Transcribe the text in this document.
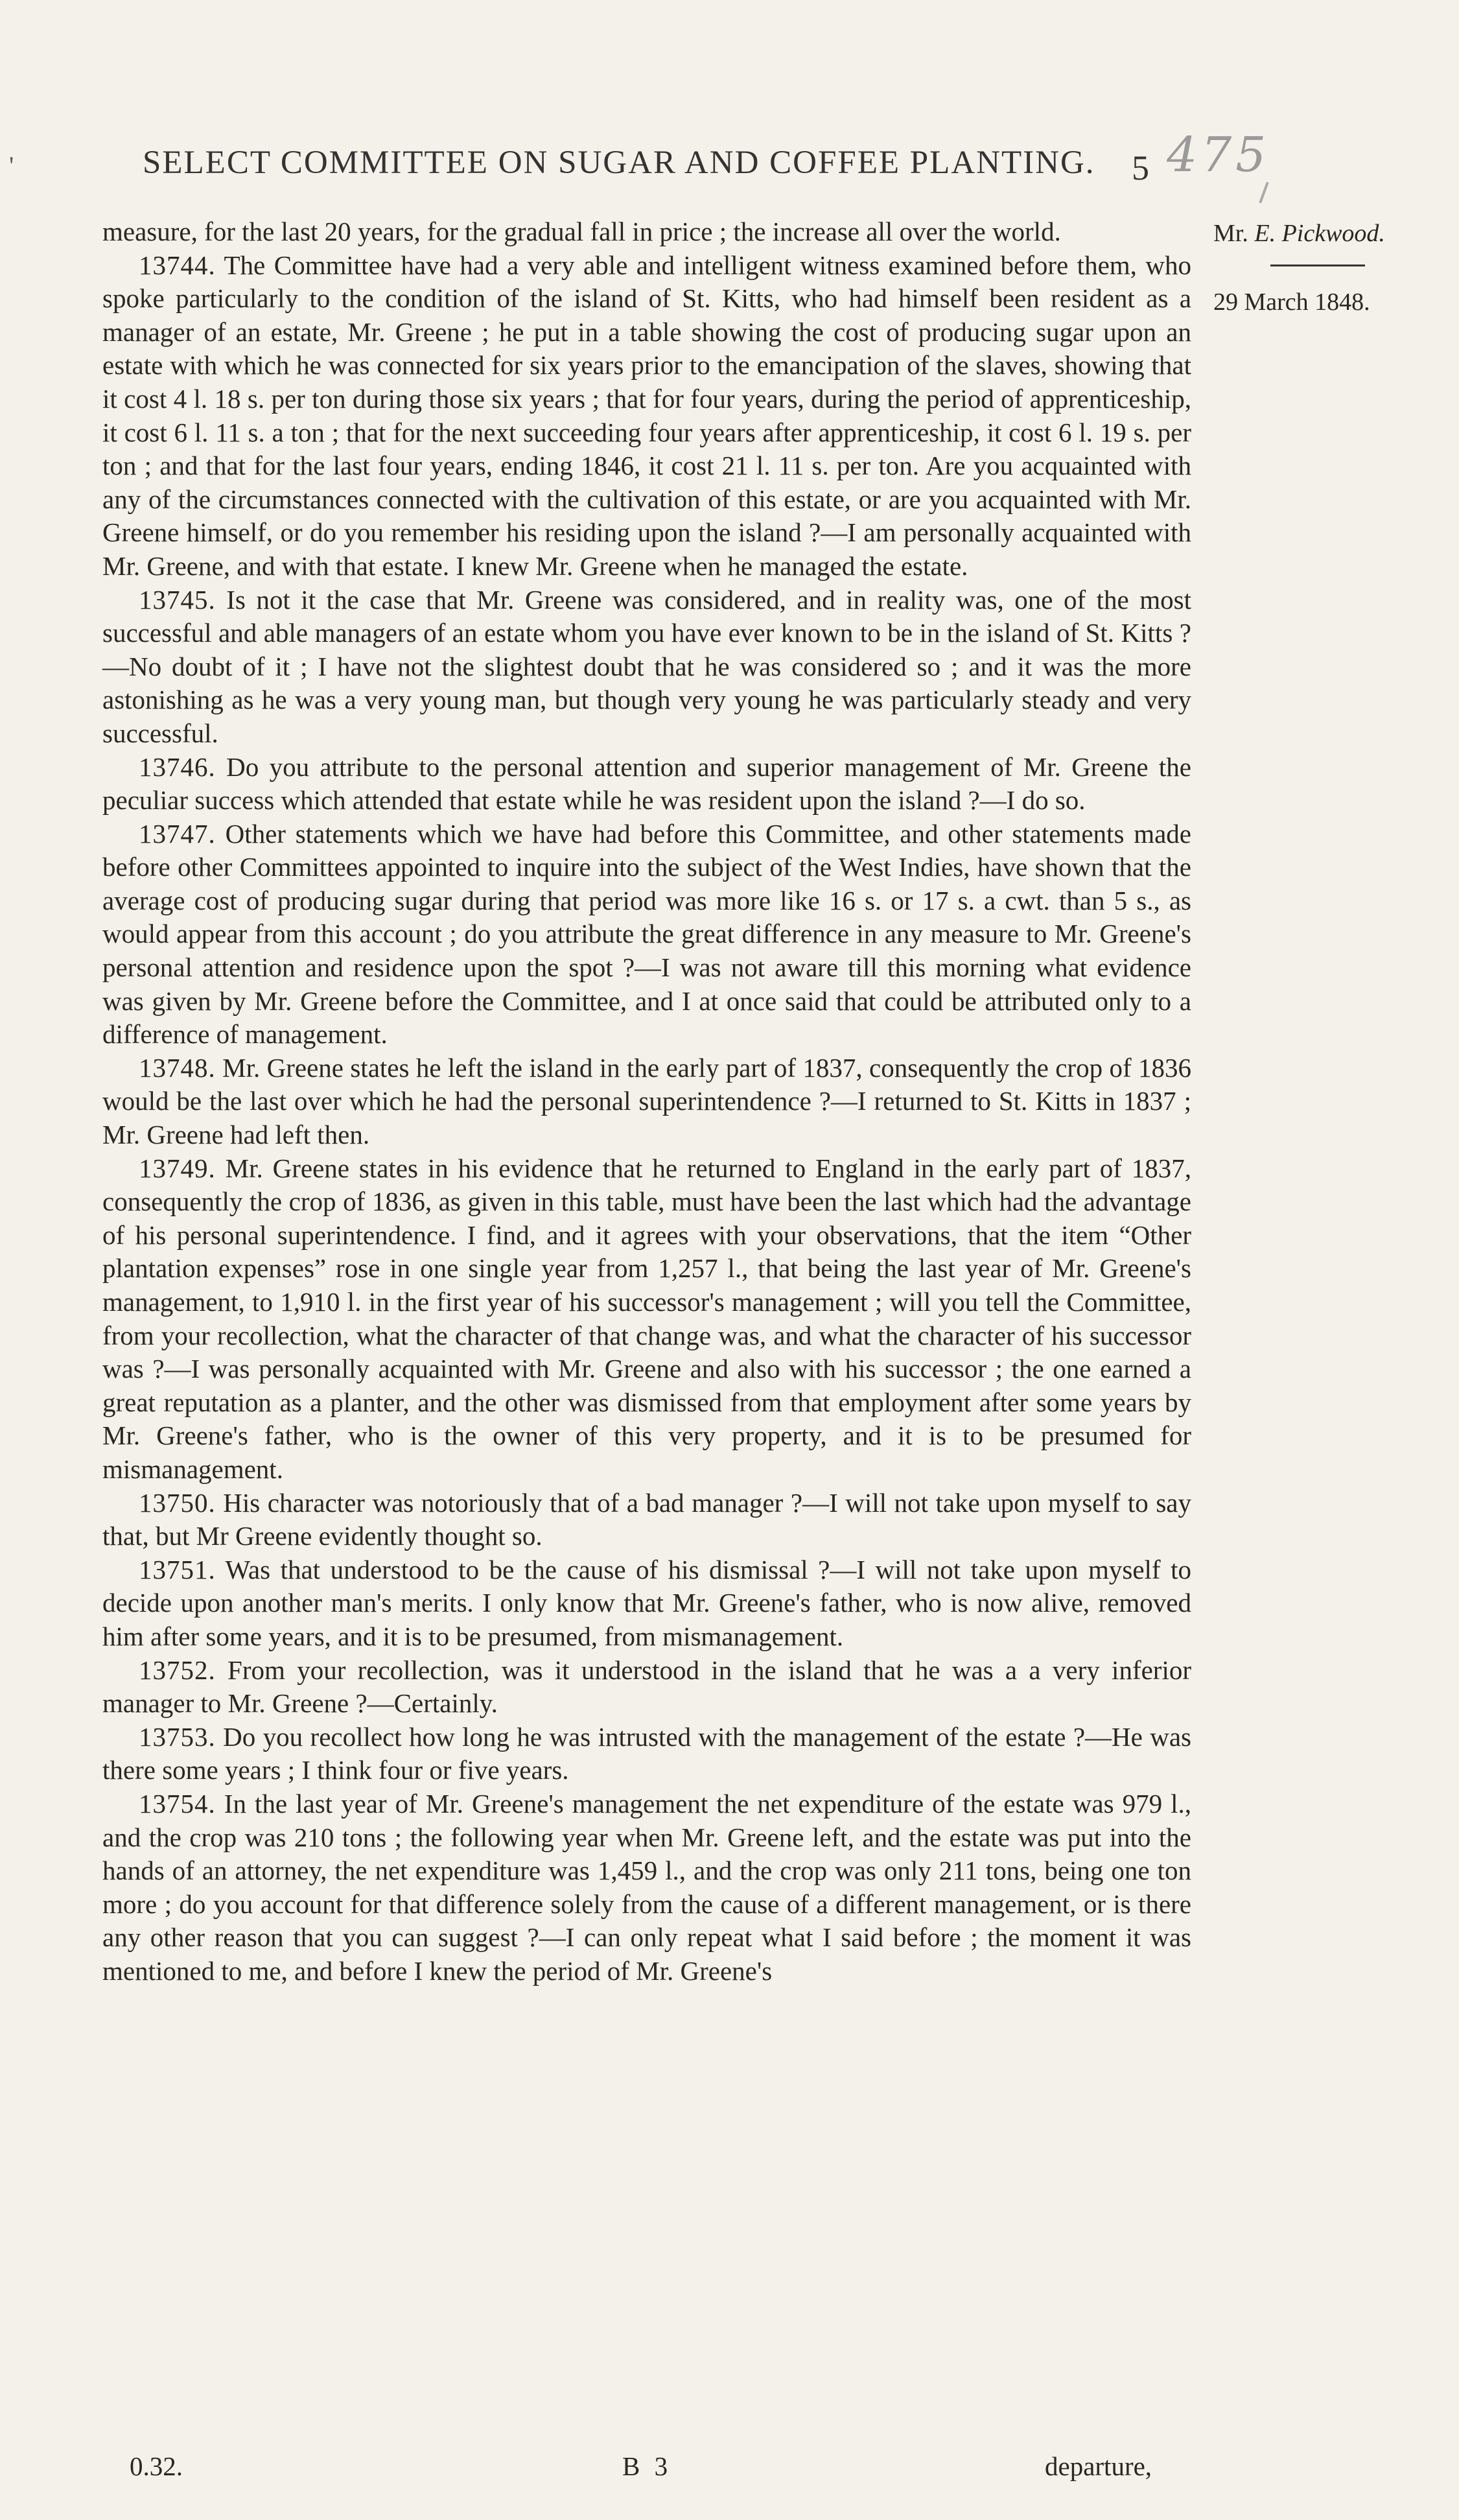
'	SELECT COMMITTEE ON SUGAR AND COFFEE PLANTING. 5 475
Mr. E. Pickwood.
29 March 1848.

measure, for the last 20 years, for the gradual fall in price ; the increase all over the world.

13744. The Committee have had a very able and intelligent witness examined before them, who spoke particularly to the condition of the island of St. Kitts, who had himself been resident as a manager of an estate, Mr. Greene ; he put in a table showing the cost of producing sugar upon an estate with which he was connected for six years prior to the emancipation of the slaves, showing that it cost 4 l. 18 s. per ton during those six years ; that for four years, during the period of apprenticeship, it cost 6 l. 11 s. a ton ; that for the next succeeding four years after apprenticeship, it cost 6 l. 19 s. per ton ; and that for the last four years, ending 1846, it cost 21 l. 11 s. per ton. Are you acquainted with any of the circumstances connected with the cultivation of this estate, or are you acquainted with Mr. Greene himself, or do you remember his residing upon the island ?—I am personally acquainted with Mr. Greene, and with that estate. I knew Mr. Greene when he managed the estate.

13745. Is not it the case that Mr. Greene was considered, and in reality was, one of the most successful and able managers of an estate whom you have ever known to be in the island of St. Kitts ?—No doubt of it ; I have not the slightest doubt that he was considered so ; and it was the more astonishing as he was a very young man, but though very young he was particularly steady and very successful.

13746. Do you attribute to the personal attention and superior management of Mr. Greene the peculiar success which attended that estate while he was resident upon the island ?—I do so.

13747. Other statements which we have had before this Committee, and other statements made before other Committees appointed to inquire into the subject of the West Indies, have shown that the average cost of producing sugar during that period was more like 16 s. or 17 s. a cwt. than 5 s., as would appear from this account ; do you attribute the great difference in any measure to Mr. Greene's personal attention and residence upon the spot ?—I was not aware till this morning what evidence was given by Mr. Greene before the Committee, and I at once said that could be attributed only to a difference of management.

13748. Mr. Greene states he left the island in the early part of 1837, consequently the crop of 1836 would be the last over which he had the personal superintendence ?—I returned to St. Kitts in 1837 ; Mr. Greene had left then.

13749. Mr. Greene states in his evidence that he returned to England in the early part of 1837, consequently the crop of 1836, as given in this table, must have been the last which had the advantage of his personal superintendence. I find, and it agrees with your observations, that the item “Other plantation expenses” rose in one single year from 1,257 l., that being the last year of Mr. Greene's management, to 1,910 l. in the first year of his successor's management ; will you tell the Committee, from your recollection, what the character of that change was, and what the character of his successor was ?—I was personally acquainted with Mr. Greene and also with his successor ; the one earned a great reputation as a planter, and the other was dismissed from that employment after some years by Mr. Greene's father, who is the owner of this very property, and it is to be presumed for mismanagement.

13750. His character was notoriously that of a bad manager ?—I will not take upon myself to say that, but Mr Greene evidently thought so.

13751. Was that understood to be the cause of his dismissal ?—I will not take upon myself to decide upon another man's merits. I only know that Mr. Greene's father, who is now alive, removed him after some years, and it is to be presumed, from mismanagement.

13752. From your recollection, was it understood in the island that he was a a very inferior manager to Mr. Greene ?—Certainly.

13753. Do you recollect how long he was intrusted with the management of the estate ?—He was there some years ; I think four or five years.

13754. In the last year of Mr. Greene's management the net expenditure of the estate was 979 l., and the crop was 210 tons ; the following year when Mr. Greene left, and the estate was put into the hands of an attorney, the net expenditure was 1,459 l., and the crop was only 211 tons, being one ton more ; do you account for that difference solely from the cause of a different management, or is there any other reason that you can suggest ?—I can only repeat what I said before ; the moment it was mentioned to me, and before I knew the period of Mr. Greene's

0.32.	B 3	departure,
